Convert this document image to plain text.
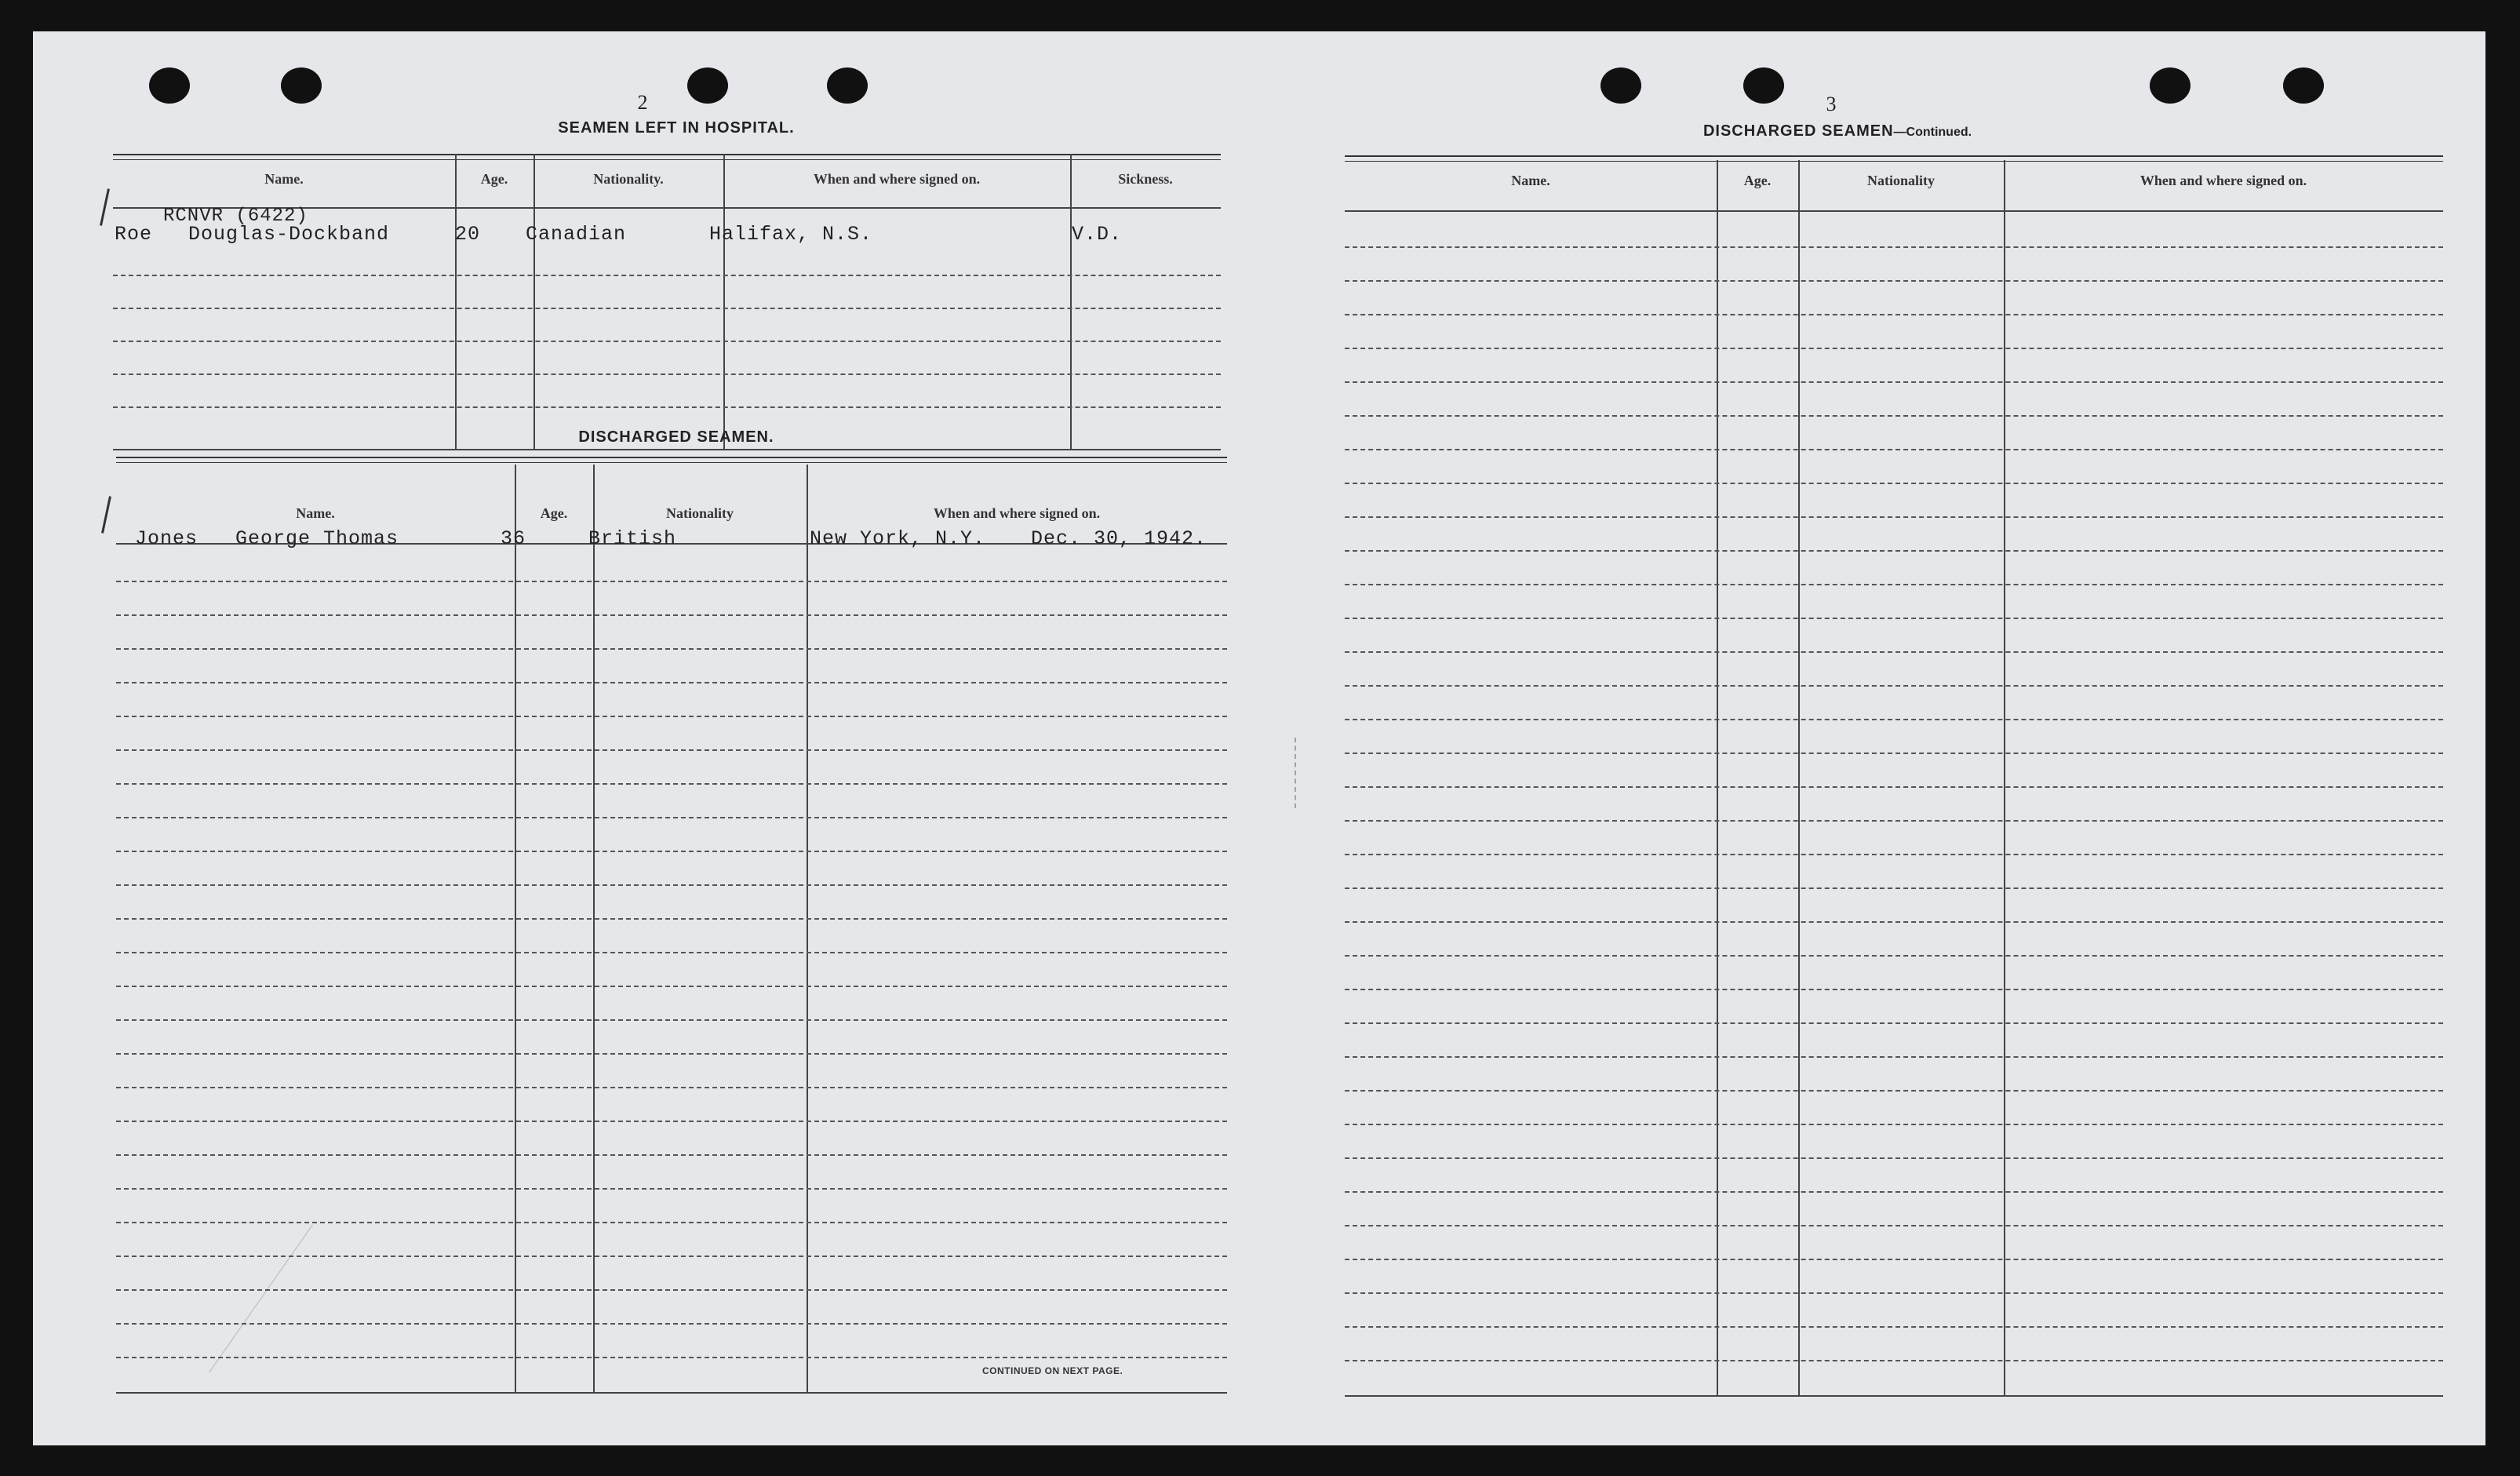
2
SEAMEN LEFT IN HOSPITAL.
Name.	Age.	Nationality.	When and where signed on.	Sickness.
RCNVR (6422)
Roe Douglas-Dockband	20 Canadian	Halifax, N.S.	V.D.
DISCHARGED SEAMEN.
Name.	Age.	Nationality	When and where signed on.
Jones George Thomas	36	British	New York, N.Y. Dec. 30, 1942.
CONTINUED ON NEXT PAGE.
3
DISCHARGED SEAMEN—Continued.
Name.	Age.	Nationality	When and where signed on.
